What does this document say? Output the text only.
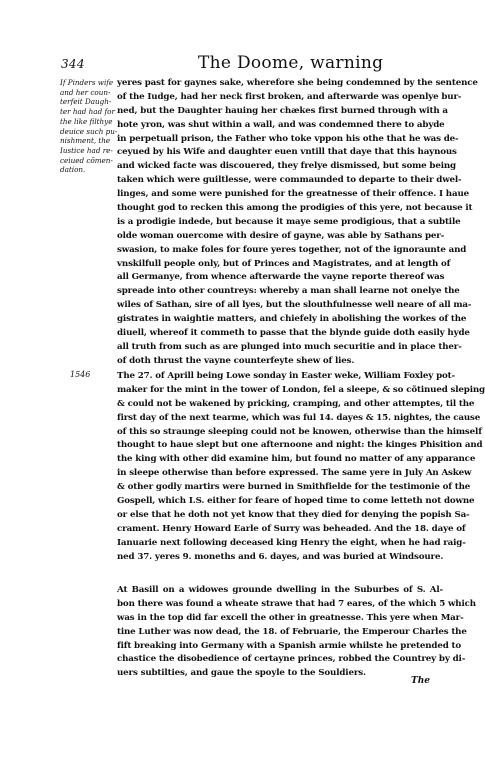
344	The Doome, warning
If Pinders wife
and her coun-
terfeit Daugh-
ter had had for
the like filthye
deuice such pu-
nishment, the
Iustice had re-
ceiued cõmen-
dation.
1546
yeres past for gaynes sake, wherefore she being condemned by the sentence
of the Iudge, had her neck first broken, and afterwarde was openlye bur-
ned, but the Daughter hauing her chækes first burned through with a
hote yron, was shut within a wall, and was condemned there to abyde
in perpetuall prison, the Father who toke vppon his othe that he was de-
ceyued by his Wife and daughter euen vntill that daye that this haynous
and wicked facte was discouered, they frelye dismissed, but some being
taken which were guiltlesse, were commaunded to departe to their dwel-
linges, and some were punished for the greatnesse of their offence. I haue
thought god to recken this among the prodigies of this yere, not because it
is a prodigie indede, but because it maye seme prodigious, that a subtile
olde woman ouercome with desire of gayne, was able by Sathans per-
swasion, to make foles for foure yeres together, not of the ignoraunte and
vnskilfull people only, but of Princes and Magistrates, and at length of
all Germanye, from whence afterwarde the vayne reporte thereof was
spreade into other countreys: whereby a man shall learne not onelye the
wiles of Sathan, sire of all lyes, but the slouthfulnesse well neare of all ma-
gistrates in waightie matters, and chiefely in abolishing the workes of the
diuell, whereof it commeth to passe that the blynde guide doth easily hyde
all truth from such as are plunged into much securitie and in place ther-
of doth thrust the vayne counterfeyte shew of lies.
The 27. of Aprill being Lowe sonday in Easter weke, William Foxley pot-
maker for the mint in the tower of London, fel a sleepe, & so cõtinued sleping
& could not be wakened by pricking, cramping, and other attemptes, til the
first day of the next tearme, which was ful 14. dayes & 15. nightes, the cause
of this so straunge sleeping could not be knowen, otherwise than the himself
thought to haue slept but one afternoone and night: the kinges Phisition and
the king with other did examine him, but found no matter of any apparance
in sleepe otherwise than before expressed. The same yere in July An Askew
& other godly martirs were burned in Smithfielde for the testimonie of the
Gospell, which I.S. either for feare of hoped time to come letteth not downe
or else that he doth not yet know that they died for denying the popish Sa-
crament. Henry Howard Earle of Surry was beheaded. And the 18. daye of
Ianuarie next following deceased king Henry the eight, when he had raig-
ned 37. yeres 9. moneths and 6. dayes, and was buried at Windsoure.
At Basill on a widowes grounde dwelling in the Suburbes of S. Al-
bon there was found a wheate strawe that had 7 eares, of the which 5 which
was in the top did far excell the other in greatnesse. This yere when Mar-
tine Luther was now dead, the 18. of Februarie, the Emperour Charles the
fift breaking into Germany with a Spanish armie whilste he pretended to
chastice the disobedience of certayne princes, robbed the Countrey by di-
uers subtilties, and gaue the spoyle to the Souldiers.
The
